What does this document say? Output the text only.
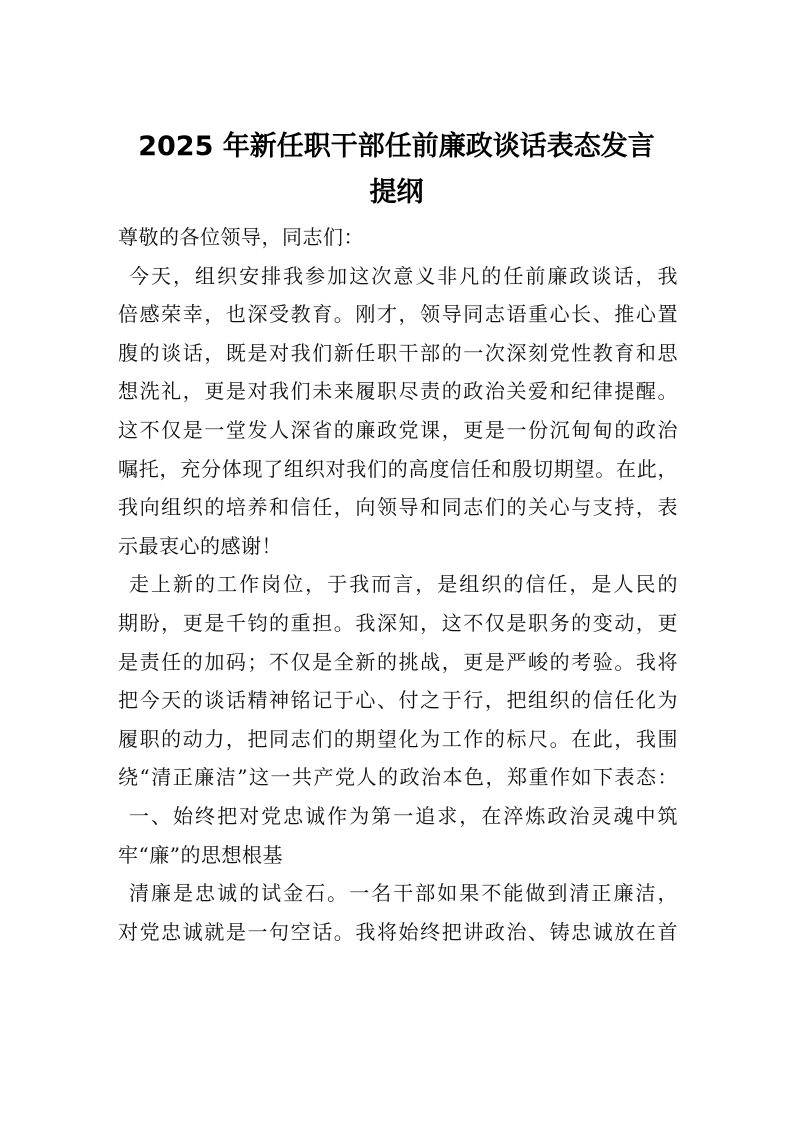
2025 年新任职干部任前廉政谈话表态发言
提纲
尊敬的各位领导，同志们：
今天，组织安排我参加这次意义非凡的任前廉政谈话，我
倍感荣幸，也深受教育。刚才，领导同志语重心长、推心置
腹的谈话，既是对我们新任职干部的一次深刻党性教育和思
想洗礼，更是对我们未来履职尽责的政治关爱和纪律提醒。
这不仅是一堂发人深省的廉政党课，更是一份沉甸甸的政治
嘱托，充分体现了组织对我们的高度信任和殷切期望。在此，
我向组织的培养和信任，向领导和同志们的关心与支持，表
示最衷心的感谢！
走上新的工作岗位，于我而言，是组织的信任，是人民的
期盼，更是千钧的重担。我深知，这不仅是职务的变动，更
是责任的加码；不仅是全新的挑战，更是严峻的考验。我将
把今天的谈话精神铭记于心、付之于行，把组织的信任化为
履职的动力，把同志们的期望化为工作的标尺。在此，我围
绕“清正廉洁”这一共产党人的政治本色，郑重作如下表态：
一、始终把对党忠诚作为第一追求，在淬炼政治灵魂中筑
牢“廉”的思想根基
清廉是忠诚的试金石。一名干部如果不能做到清正廉洁，
对党忠诚就是一句空话。我将始终把讲政治、铸忠诚放在首
